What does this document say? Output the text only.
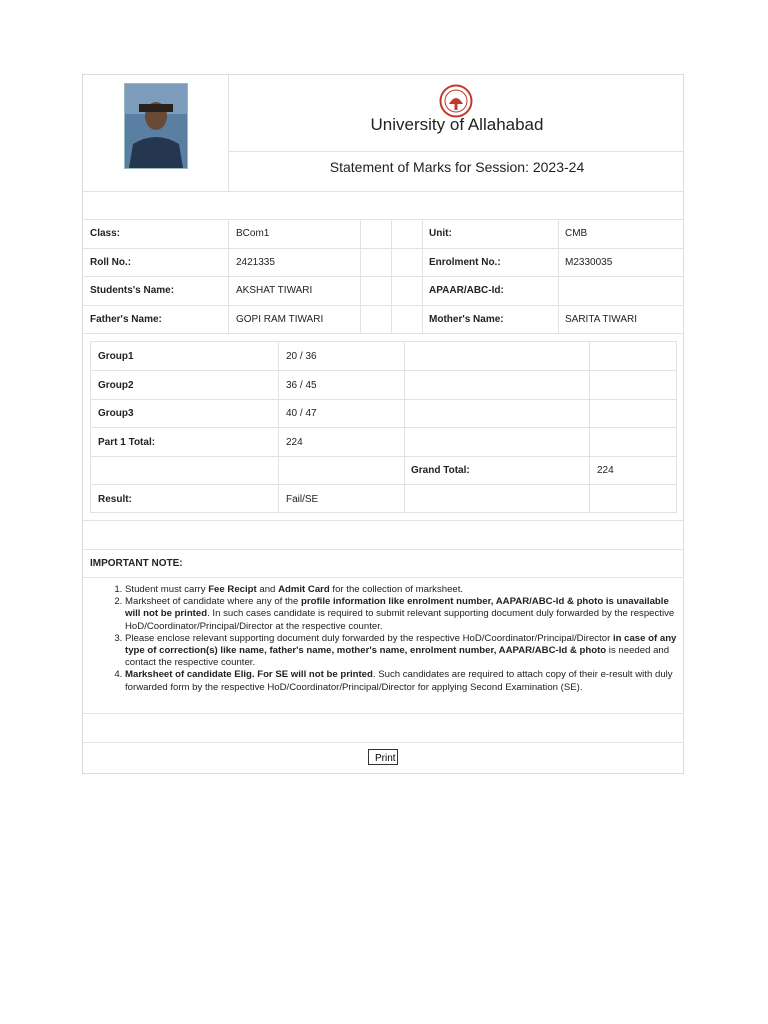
University of Allahabad
Statement of Marks for Session: 2023-24
Class:	BCom1	Unit:	CMB
Roll No.:	2421335	Enrolment No.:	M2330035
Students's Name:	AKSHAT TIWARI	APAAR/ABC-Id:
Father's Name:	GOPI RAM TIWARI	Mother's Name:	SARITA TIWARI
Group1	20 / 36
Group2	36 / 45
Group3	40 / 47
Part 1 Total:	224
Grand Total:	224
Result:	Fail/SE
IMPORTANT NOTE:
1. Student must carry Fee Recipt and Admit Card for the collection of marksheet.
2. Marksheet of candidate where any of the profile information like enrolment number, AAPAR/ABC-Id & photo is unavailable will not be printed. In such cases candidate is required to submit relevant supporting document duly forwarded by the respective HoD/Coordinator/Principal/Director at the respective counter.
3. Please enclose relevant supporting document duly forwarded by the respective HoD/Coordinator/Principal/Director in case of any type of correction(s) like name, father's name, mother's name, enrolment number, AAPAR/ABC-Id & photo is needed and contact the respective counter.
4. Marksheet of candidate Elig. For SE will not be printed. Such candidates are required to attach copy of their e-result with duly forwarded form by the respective HoD/Coordinator/Principal/Director for applying Second Examination (SE).
Print
